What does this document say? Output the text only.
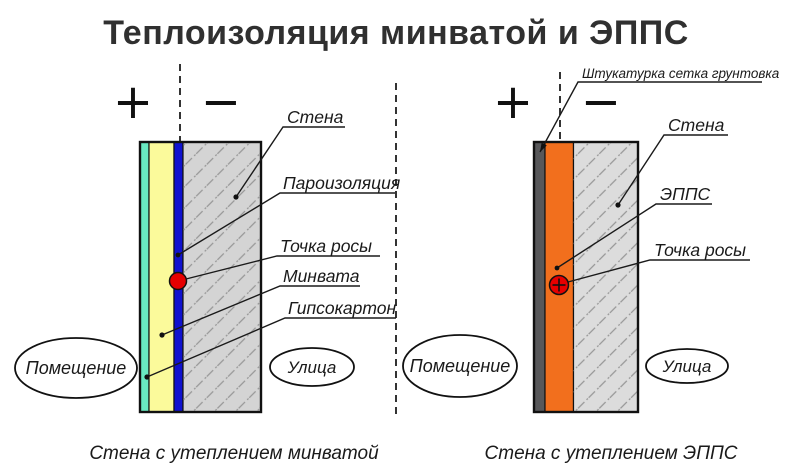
Теплоизоляция минватой и ЭППС
+ −	Стена
Пароизоляция
Точка росы
Минвата
Гипсокартон
Помещение	Улица
Стена с утеплением минватой
+ −
Штукатурка сетка грунтовка
Стена
ЭППС
Точка росы
Помещение	Улица
Стена с утеплением ЭППС
